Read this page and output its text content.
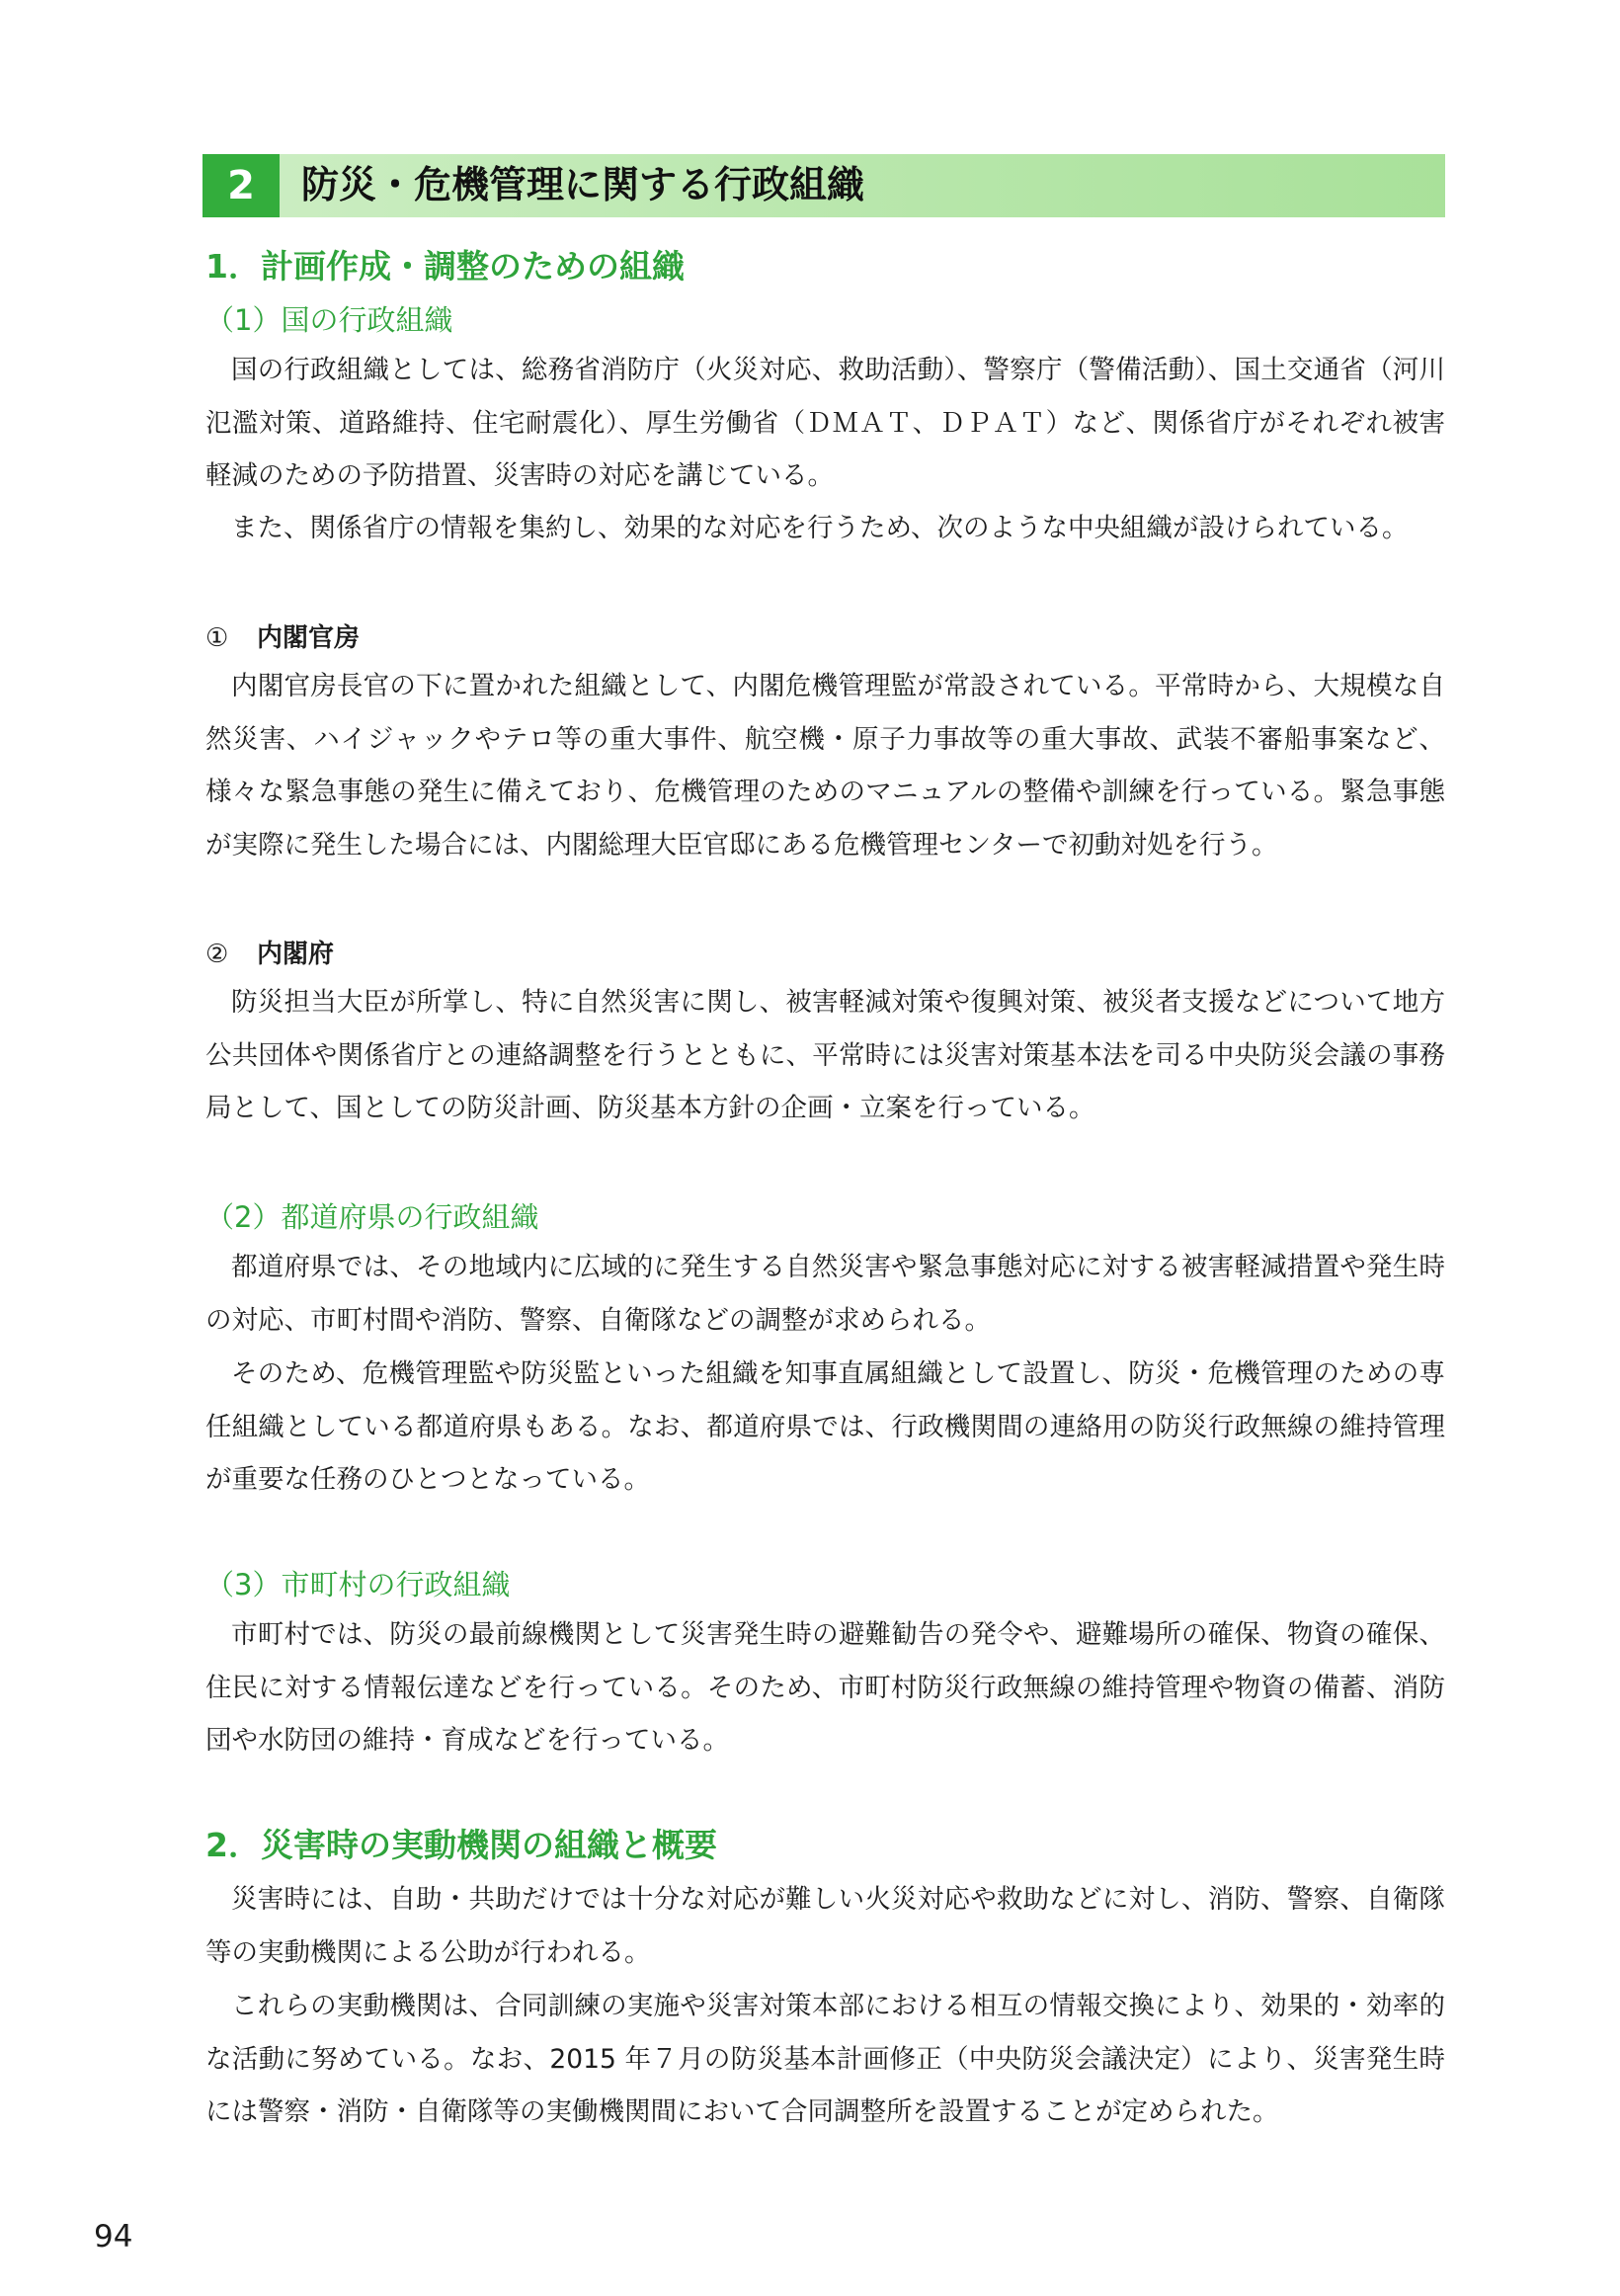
2	防災・危機管理に関する行政組織
1．計画作成・調整のための組織
（1）国の行政組織

国の行政組織としては、総務省消防庁（火災対応、救助活動）、警察庁（警備活動）、国土交通省（河川氾濫対策、道路維持、住宅耐震化）、厚生労働省（ＤＭＡＴ、ＤＰＡＴ）など、関係省庁がそれぞれ被害軽減のための予防措置、災害時の対応を講じている。

また、関係省庁の情報を集約し、効果的な対応を行うため、次のような中央組織が設けられている。

① 内閣官房

内閣官房長官の下に置かれた組織として、内閣危機管理監が常設されている。平常時から、大規模な自然災害、ハイジャックやテロ等の重大事件、航空機・原子力事故等の重大事故、武装不審船事案など、様々な緊急事態の発生に備えており、危機管理のためのマニュアルの整備や訓練を行っている。緊急事態が実際に発生した場合には、内閣総理大臣官邸にある危機管理センターで初動対処を行う。

② 内閣府

防災担当大臣が所掌し、特に自然災害に関し、被害軽減対策や復興対策、被災者支援などについて地方公共団体や関係省庁との連絡調整を行うとともに、平常時には災害対策基本法を司る中央防災会議の事務局として、国としての防災計画、防災基本方針の企画・立案を行っている。

（2）都道府県の行政組織

都道府県では、その地域内に広域的に発生する自然災害や緊急事態対応に対する被害軽減措置や発生時の対応、市町村間や消防、警察、自衛隊などの調整が求められる。

そのため、危機管理監や防災監といった組織を知事直属組織として設置し、防災・危機管理のための専任組織としている都道府県もある。なお、都道府県では、行政機関間の連絡用の防災行政無線の維持管理が重要な任務のひとつとなっている。

（3）市町村の行政組織

市町村では、防災の最前線機関として災害発生時の避難勧告の発令や、避難場所の確保、物資の確保、住民に対する情報伝達などを行っている。そのため、市町村防災行政無線の維持管理や物資の備蓄、消防団や水防団の維持・育成などを行っている。

2．災害時の実動機関の組織と概要

災害時には、自助・共助だけでは十分な対応が難しい火災対応や救助などに対し、消防、警察、自衛隊等の実動機関による公助が行われる。

これらの実動機関は、合同訓練の実施や災害対策本部における相互の情報交換により、効果的・効率的な活動に努めている。なお、2015 年７月の防災基本計画修正（中央防災会議決定）により、災害発生時には警察・消防・自衛隊等の実働機関間において合同調整所を設置することが定められた。

94
